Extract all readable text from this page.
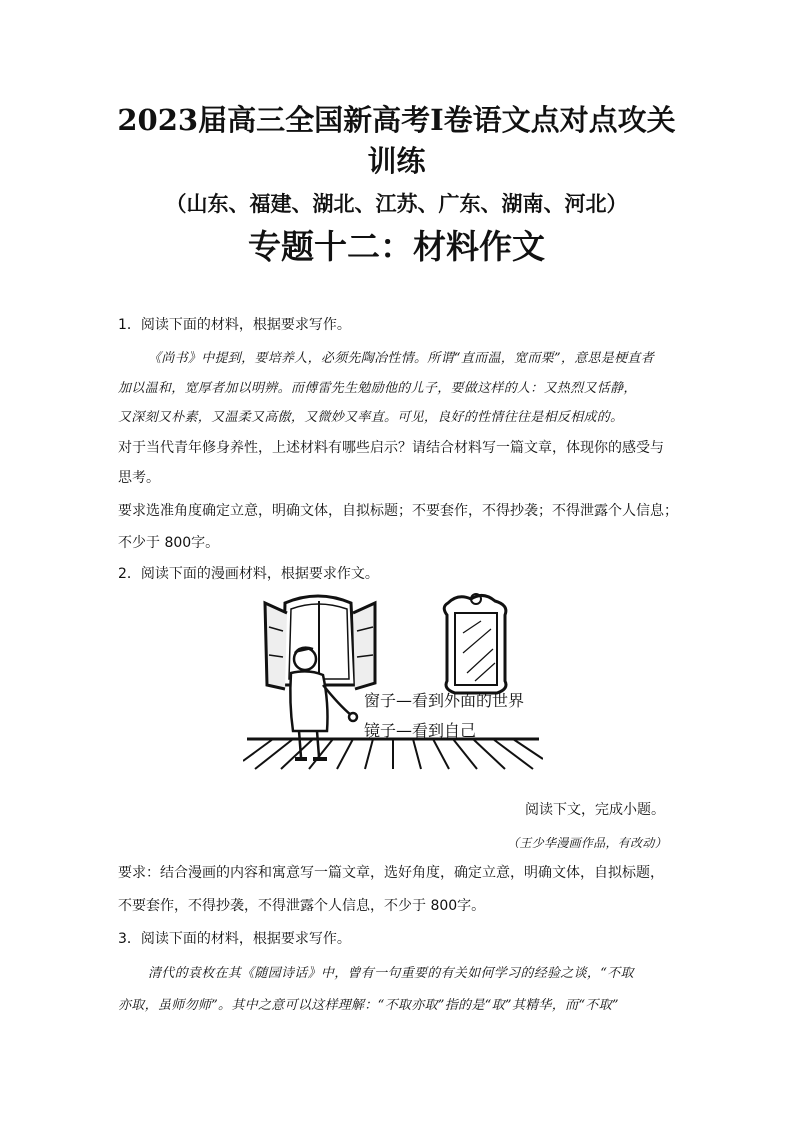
2023届高三全国新高考Ⅰ卷语文点对点攻关
训练
（山东、福建、湖北、江苏、广东、湖南、河北）
专题十二：材料作文
1．阅读下面的材料，根据要求写作。
《尚书》中提到，要培养人，必须先陶冶性情。所谓“直而温，宽而栗”，意思是梗直者
加以温和，宽厚者加以明辨。而傅雷先生勉励他的儿子，要做这样的人：又热烈又恬静，
又深刻又朴素，又温柔又高傲，又微妙又率直。可见，良好的性情往往是相反相成的。
对于当代青年修身养性，上述材料有哪些启示？请结合材料写一篇文章，体现你的感受与
思考。
要求选准角度确定立意，明确文体，自拟标题；不要套作，不得抄袭；不得泄露个人信息；
不少于 800字。
2．阅读下面的漫画材料，根据要求作文。
窗子—看到外面的世界
镜子—看到自己
阅读下文，完成小题。
（王少华漫画作品，有改动）
要求：结合漫画的内容和寓意写一篇文章，选好角度，确定立意，明确文体，自拟标题，
不要套作，不得抄袭，不得泄露个人信息，不少于 800字。
3．阅读下面的材料，根据要求写作。
清代的袁枚在其《随园诗话》中，曾有一句重要的有关如何学习的经验之谈，“不取
亦取，虽师勿师”。其中之意可以这样理解：“不取亦取”指的是“取”其精华，而“不取”
